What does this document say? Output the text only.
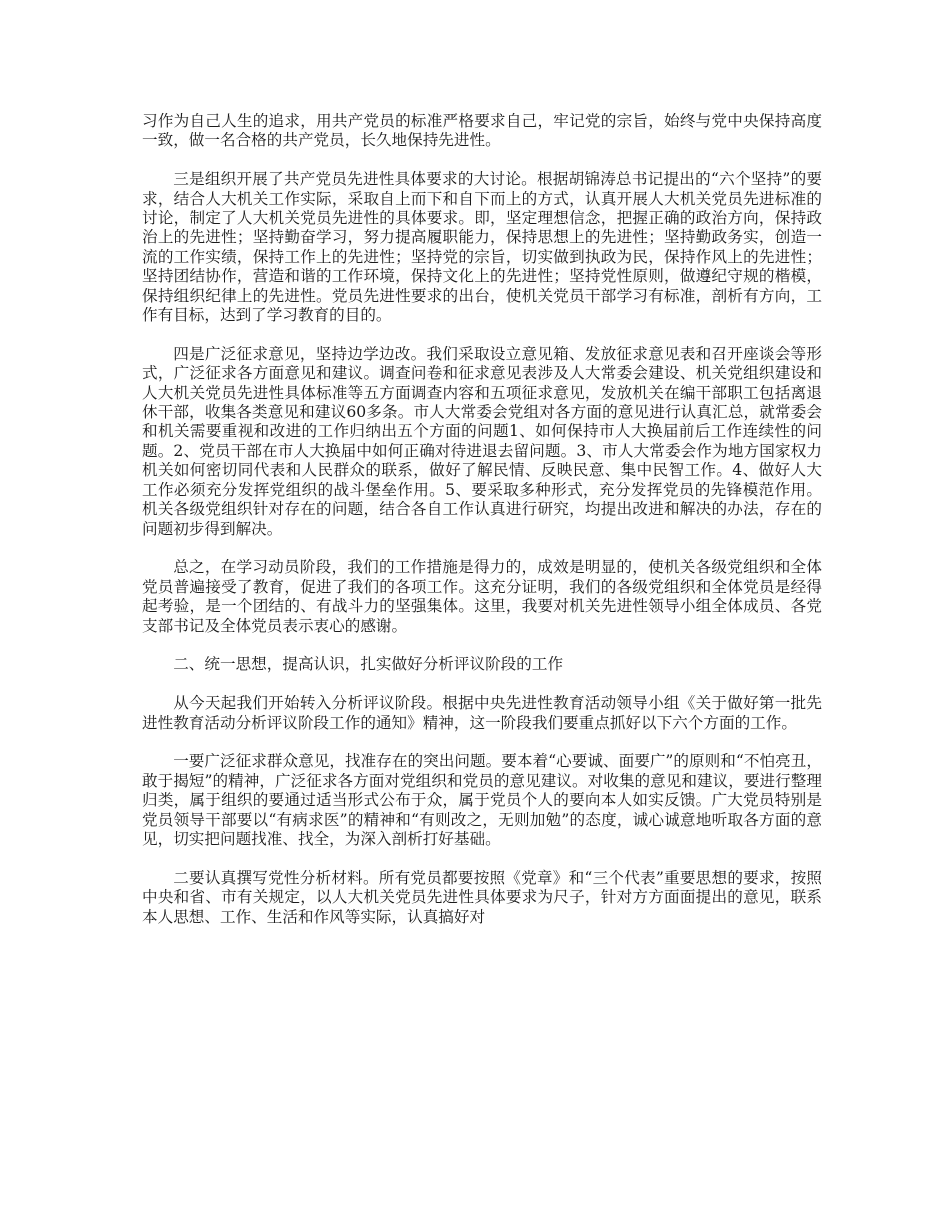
习作为自己人生的追求，用共产党员的标准严格要求自己，牢记党的宗旨，始终与党中央保持高度一致，做一名合格的共产党员，长久地保持先进性。

三是组织开展了共产党员先进性具体要求的大讨论。根据胡锦涛总书记提出的“六个坚持”的要求，结合人大机关工作实际，采取自上而下和自下而上的方式，认真开展人大机关党员先进标准的讨论，制定了人大机关党员先进性的具体要求。即，坚定理想信念，把握正确的政治方向，保持政治上的先进性；坚持勤奋学习，努力提高履职能力，保持思想上的先进性；坚持勤政务实，创造一流的工作实绩，保持工作上的先进性；坚持党的宗旨，切实做到执政为民，保持作风上的先进性；坚持团结协作，营造和谐的工作环境，保持文化上的先进性；坚持党性原则，做遵纪守规的楷模，保持组织纪律上的先进性。党员先进性要求的出台，使机关党员干部学习有标准，剖析有方向，工作有目标，达到了学习教育的目的。

四是广泛征求意见，坚持边学边改。我们采取设立意见箱、发放征求意见表和召开座谈会等形式，广泛征求各方面意见和建议。调查问卷和征求意见表涉及人大常委会建设、机关党组织建设和人大机关党员先进性具体标准等五方面调查内容和五项征求意见，发放机关在编干部职工包括离退休干部，收集各类意见和建议60多条。市人大常委会党组对各方面的意见进行认真汇总，就常委会和机关需要重视和改进的工作归纳出五个方面的问题1、如何保持市人大换届前后工作连续性的问题。2、党员干部在市人大换届中如何正确对待进退去留问题。3、市人大常委会作为地方国家权力机关如何密切同代表和人民群众的联系，做好了解民情、反映民意、集中民智工作。4、做好人大工作必须充分发挥党组织的战斗堡垒作用。5、要采取多种形式，充分发挥党员的先锋模范作用。机关各级党组织针对存在的问题，结合各自工作认真进行研究，均提出改进和解决的办法，存在的问题初步得到解决。

总之，在学习动员阶段，我们的工作措施是得力的，成效是明显的，使机关各级党组织和全体党员普遍接受了教育，促进了我们的各项工作。这充分证明，我们的各级党组织和全体党员是经得起考验，是一个团结的、有战斗力的坚强集体。这里，我要对机关先进性领导小组全体成员、各党支部书记及全体党员表示衷心的感谢。

二、统一思想，提高认识，扎实做好分析评议阶段的工作

从今天起我们开始转入分析评议阶段。根据中央先进性教育活动领导小组《关于做好第一批先进性教育活动分析评议阶段工作的通知》精神，这一阶段我们要重点抓好以下六个方面的工作。

一要广泛征求群众意见，找准存在的突出问题。要本着“心要诚、面要广”的原则和“不怕亮丑，敢于揭短”的精神，广泛征求各方面对党组织和党员的意见建议。对收集的意见和建议，要进行整理归类，属于组织的要通过适当形式公布于众，属于党员个人的要向本人如实反馈。广大党员特别是党员领导干部要以“有病求医”的精神和“有则改之，无则加勉”的态度，诚心诚意地听取各方面的意见，切实把问题找准、找全，为深入剖析打好基础。

二要认真撰写党性分析材料。所有党员都要按照《党章》和“三个代表”重要思想的要求，按照中央和省、市有关规定，以人大机关党员先进性具体要求为尺子，针对方方面面提出的意见，联系本人思想、工作、生活和作风等实际，认真搞好对
